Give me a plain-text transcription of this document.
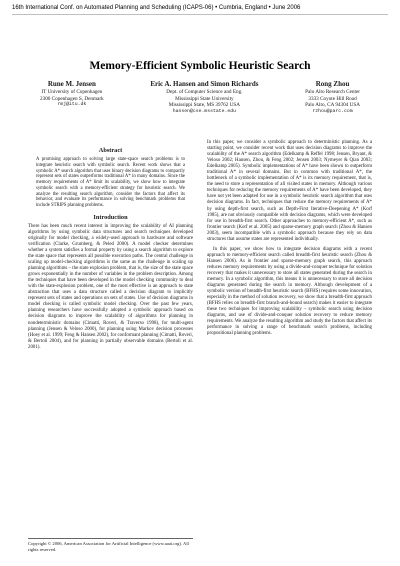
16th International Conf. on Automated Planning and Scheduling (ICAPS-06) • Cumbria, England • June 2006
Memory-Efficient Symbolic Heuristic Search
Rune M. Jensen
IT University of Copenhagen
2300 Copenhagen S, Denmark
rmj@itu.dk
Eric A. Hansen and Simon Richards
Dept. of Computer Science and Eng.
Mississippi State University
Mississippi State, MS 39762 USA
hansen@cse.msstate.edu
Rong Zhou
Palo Alto Research Center
3333 Coyote Hill Road
Palo Alto, CA 94304 USA
rzhou@parc.com
Abstract
A promising approach to solving large state-space search problems is to integrate heuristic search with symbolic search. Recent work shows that a symbolic A* search algorithm that uses binary decision diagrams to compactly represent sets of states outperforms traditional A* in many domains. Since the memory requirements of A* limit its scalability, we show how to integrate symbolic search with a memory-efficient strategy for heuristic search. We analyze the resulting search algorithm, consider the factors that affect its behavior, and evaluate its performance in solving benchmark problems that include STRIPS planning problems.
Introduction
There has been much recent interest in improving the scalability of AI planning algorithms by using symbolic data structures and search techniques developed originally for model checking, a widely-used approach to hardware and software verification (Clarke, Grumberg, & Peled 2000). A model checker determines whether a system satisfies a formal property by using a search algorithm to explore the state space that represents all possible execution paths. The central challenge in scaling up model-checking algorithms is the same as the challenge in scaling up planning algorithms – the state explosion problem, that is, the size of the state space grows exponentially in the number of variables in the problem description. Among the techniques that have been developed in the model checking community to deal with the state-explosion problem, one of the most effective is an approach to state abstraction that uses a data structure called a decision diagram to implicitly represent sets of states and operations on sets of states. Use of decision diagrams in model checking is called symbolic model checking. Over the past few years, planning researchers have successfully adopted a symbolic approach based on decision diagrams to improve the scalability of algorithms for planning in nondeterministic domains (Cimatti, Roveri, & Traverso 1998), for multi-agent planning (Jensen & Veloso 2000), for planning using Markov decision processes (Hoey et al. 1999; Feng & Hansen 2002), for conformant planning (Cimatti, Roveri, & Bertoli 2004), and for planning in partially observable domains (Bertoli et al. 2001).
Copyright © 2006, American Association for Artificial Intelligence (www.aaai.org). All rights reserved.
In this paper, we consider a symbolic approach to deterministic planning. As a starting point, we consider recent work that uses decision diagrams to improve the scalability of the A* search algorithm (Edelkamp & Reffel 1998; Jensen, Bryant, & Veloso 2002; Hansen, Zhou, & Feng 2002; Jensen 2003; Nymeyer & Qian 2003; Edelkamp 2005). Symbolic implementations of A* have been shown to outperform traditional A* in several domains. But in common with traditional A*, the bottleneck of a symbolic implementation of A* is its memory requirement, that is, the need to store a representation of all visited states in memory. Although various techniques for reducing the memory requirements of A* have been developed, they have not yet been adapted for use in a symbolic heuristic search algorithm that uses decision diagrams. In fact, techniques that reduce the memory requirements of A* by using depth-first search, such as Depth-First Iterative-Deepening A* (Korf 1985), are not obviously compatible with decision diagrams, which were developed for use in breadth-first search. Other approaches to memory-efficient A*, such as frontier search (Korf et al. 2005) and sparse-memory graph search (Zhou & Hansen 2003), seem incompatible with a symbolic approach because they rely on data structures that assume states are represented individually.
In this paper, we show how to integrate decision diagrams with a recent approach to memory-efficient search called breadth-first heuristic search (Zhou & Hansen 2006). As in frontier and sparse-memory graph search, this approach reduces memory requirements by using a divide-and-conquer technique for solution recovery that makes it unnecessary to store all states generated during the search in memory. In a symbolic algorithm, this means it is unnecessary to store all decision diagrams generated during the search in memory. Although development of a symbolic version of breadth-first heuristic search (BFHS) requires some innovation, especially in the method of solution recovery, we show that a breadth-first approach (BFHS relies on breadth-first branch-and-bound search) makes it easier to integrate these two techniques for improving scalability – symbolic search using decision diagrams, and use of divide-and-conquer solution recovery to reduce memory requirements. We analyze the resulting algorithm and study the factors that affect its performance in solving a range of benchmark search problems, including propositional planning problems.
